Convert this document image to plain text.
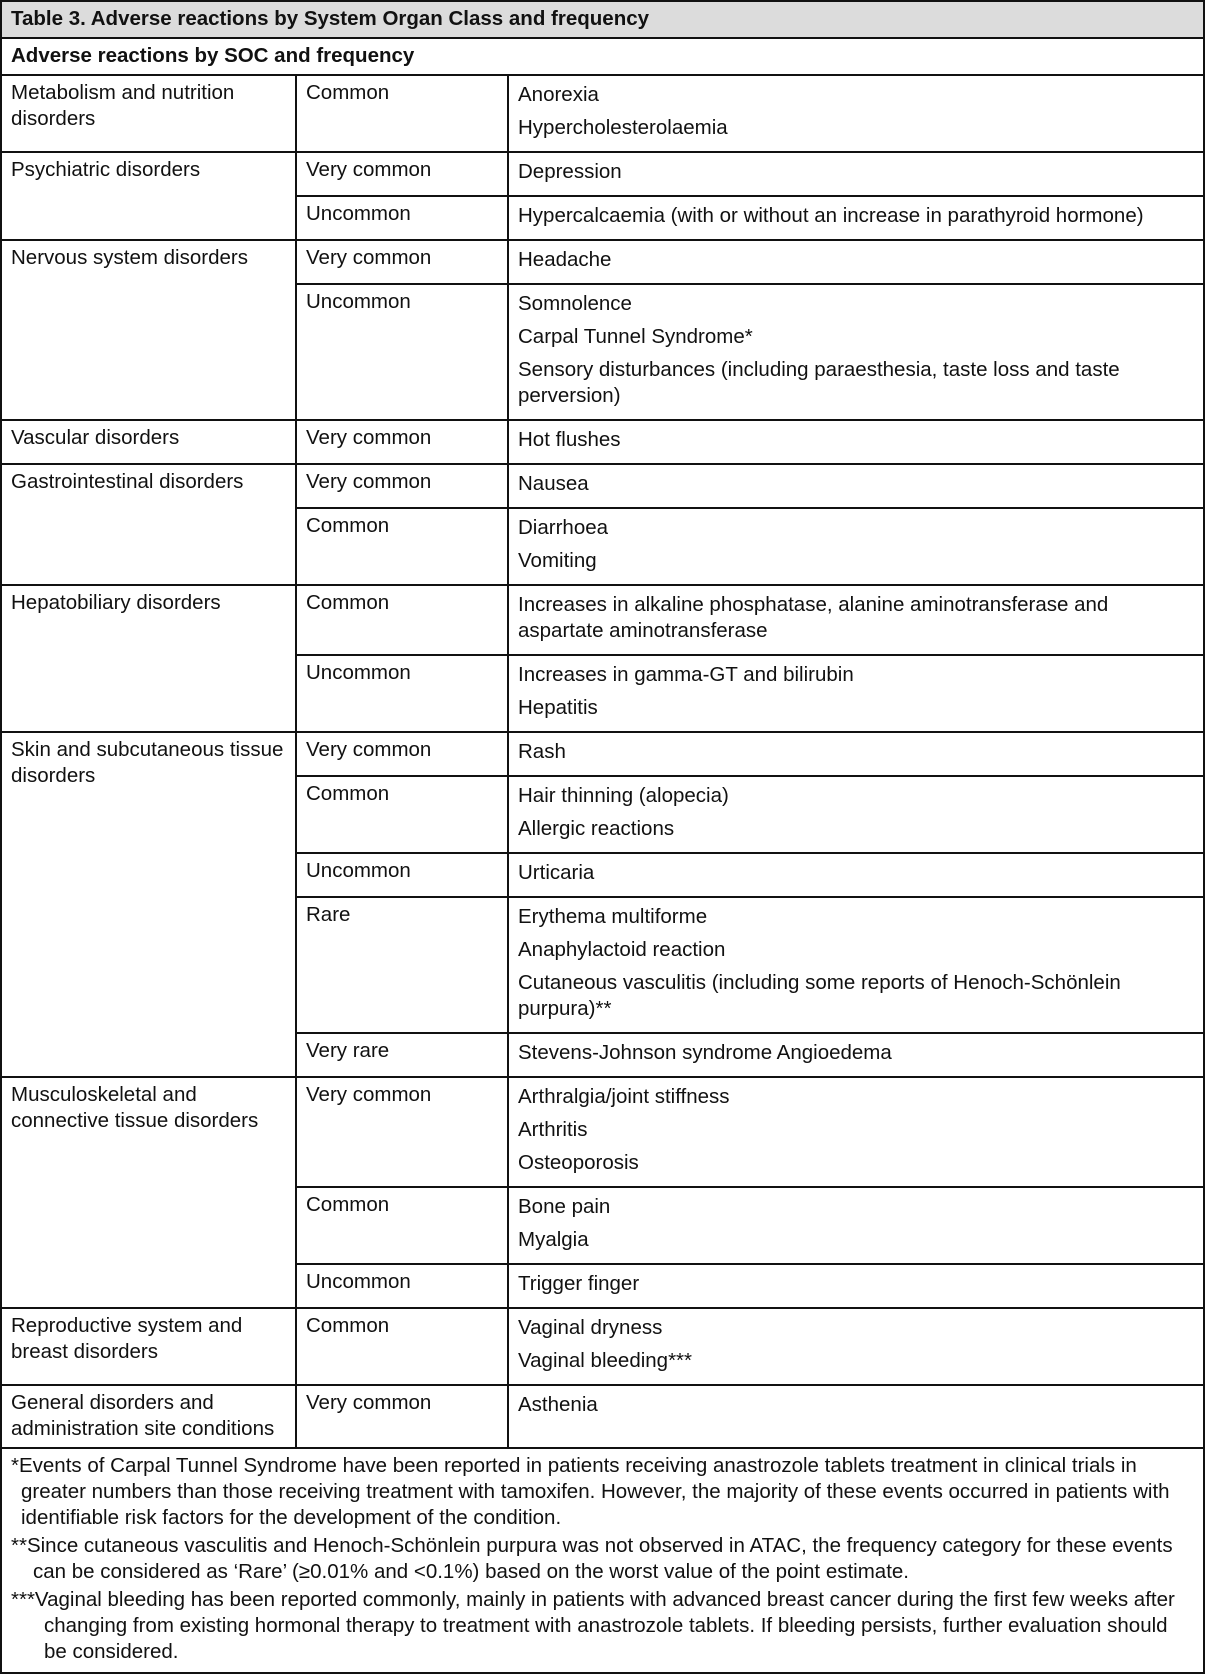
Table 3. Adverse reactions by System Organ Class and frequency		
Adverse reactions by SOC and frequency		
Metabolism and nutrition disorders	Common	Anorexia
Hypercholesterolaemia

Psychiatric disorders	Very common	Depression

	Uncommon	Hypercalcaemia (with or without an increase in parathyroid hormone)

Nervous system disorders	Very common	Headache

	Uncommon	Somnolence
Carpal Tunnel Syndrome*
Sensory disturbances (including paraesthesia, taste loss and taste perversion)

Vascular disorders	Very common	Hot flushes

Gastrointestinal disorders	Very common	Nausea

	Common	Diarrhoea
Vomiting

Hepatobiliary disorders	Common	Increases in alkaline phosphatase, alanine aminotransferase and aspartate aminotransferase

	Uncommon	Increases in gamma-GT and bilirubin
Hepatitis

Skin and subcutaneous tissue disorders	Very common	Rash

	Common	Hair thinning (alopecia)
Allergic reactions

	Uncommon	Urticaria

	Rare	Erythema multiforme
Anaphylactoid reaction
Cutaneous vasculitis (including some reports of Henoch-Schönlein purpura)**

	Very rare	Stevens-Johnson syndrome Angioedema

Musculoskeletal and connective tissue disorders	Very common	Arthralgia/joint stiffness
Arthritis
Osteoporosis

	Common	Bone pain
Myalgia

	Uncommon	Trigger finger

Reproductive system and breast disorders	Common	Vaginal dryness
Vaginal bleeding***

General disorders and administration site conditions	Very common	Asthenia

*Events of Carpal Tunnel Syndrome have been reported in patients receiving anastrozole tablets treatment in clinical trials in greater numbers than those receiving treatment with tamoxifen. However, the majority of these events occurred in patients with identifiable risk factors for the development of the condition.
**Since cutaneous vasculitis and Henoch-Schönlein purpura was not observed in ATAC, the frequency category for these events can be considered as ‘Rare’ (≥0.01% and <0.1%) based on the worst value of the point estimate.
***Vaginal bleeding has been reported commonly, mainly in patients with advanced breast cancer during the first few weeks after changing from existing hormonal therapy to treatment with anastrozole tablets. If bleeding persists, further evaluation should be considered.		
